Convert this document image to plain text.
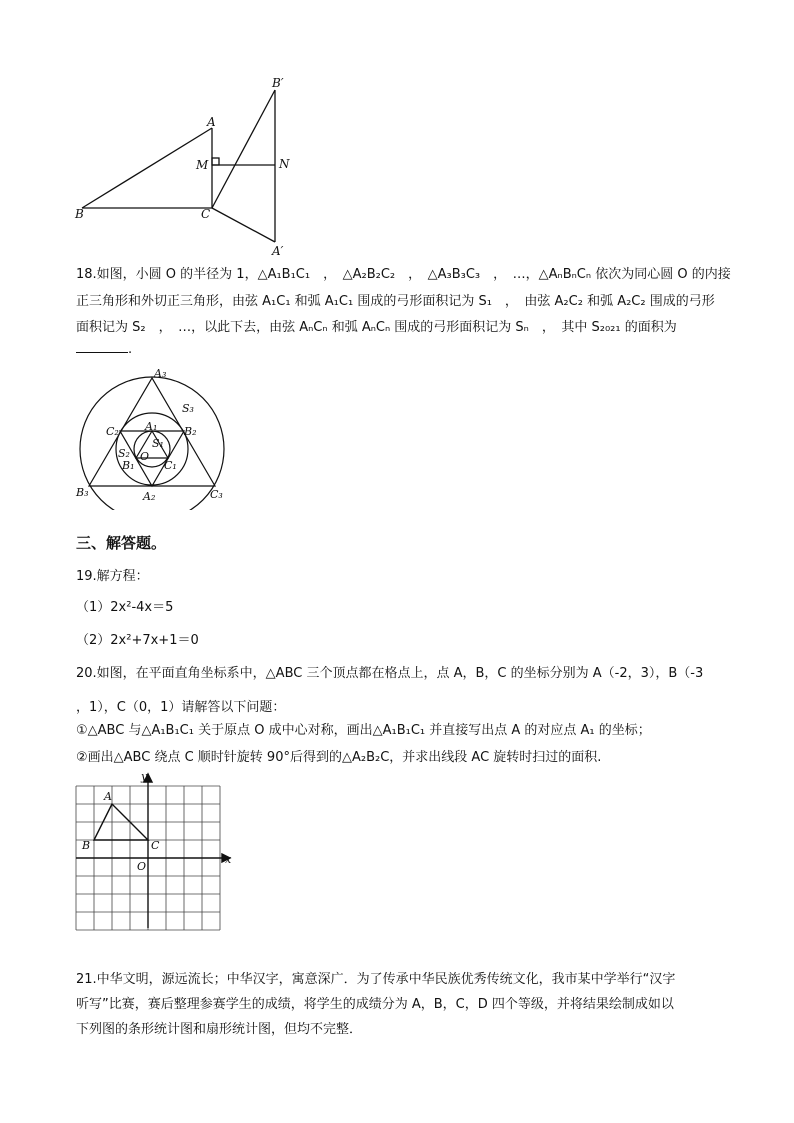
B′
A
M	N
B	C
A′
18.如图，小圆 O 的半径为 1，△A₁B₁C₁　，　△A₂B₂C₂　，　△A₃B₃C₃　，　…，△AₙBₙCₙ 依次为同心圆 O 的内接
正三角形和外切正三角形，由弦 A₁C₁ 和弧 A₁C₁ 围成的弓形面积记为 S₁　，　由弦 A₂C₂ 和弧 A₂C₂ 围成的弓形
面积记为 S₂　，　…，以此下去，由弦 AₙCₙ 和弧 AₙCₙ 围成的弓形面积记为 Sₙ　，　其中 S₂₀₂₁ 的面积为
.
A₃
S₃
C₂ A₁ B₂
S₁
S₂ O
B₁	C₁
B₃	A₂	C₃
三、解答题。
19.解方程：
（1）2x²-4x＝5
（2）2x²+7x+1＝0
20.如图，在平面直角坐标系中，△ABC 三个顶点都在格点上，点 A，B，C 的坐标分别为 A（-2，3），B（-3
，1），C（0，1）请解答以下问题：
①△ABC 与△A₁B₁C₁ 关于原点 O 成中心对称，画出△A₁B₁C₁ 并直接写出点 A 的对应点 A₁ 的坐标；
②画出△ABC 绕点 C 顺时针旋转 90°后得到的△A₂B₂C，并求出线段 AC 旋转时扫过的面积.
y
x
A
B	C
O
21.中华文明，源远流长；中华汉字，寓意深广．为了传承中华民族优秀传统文化，我市某中学举行“汉字
听写”比赛，赛后整理参赛学生的成绩，将学生的成绩分为 A，B，C，D 四个等级，并将结果绘制成如以
下列图的条形统计图和扇形统计图，但均不完整．
